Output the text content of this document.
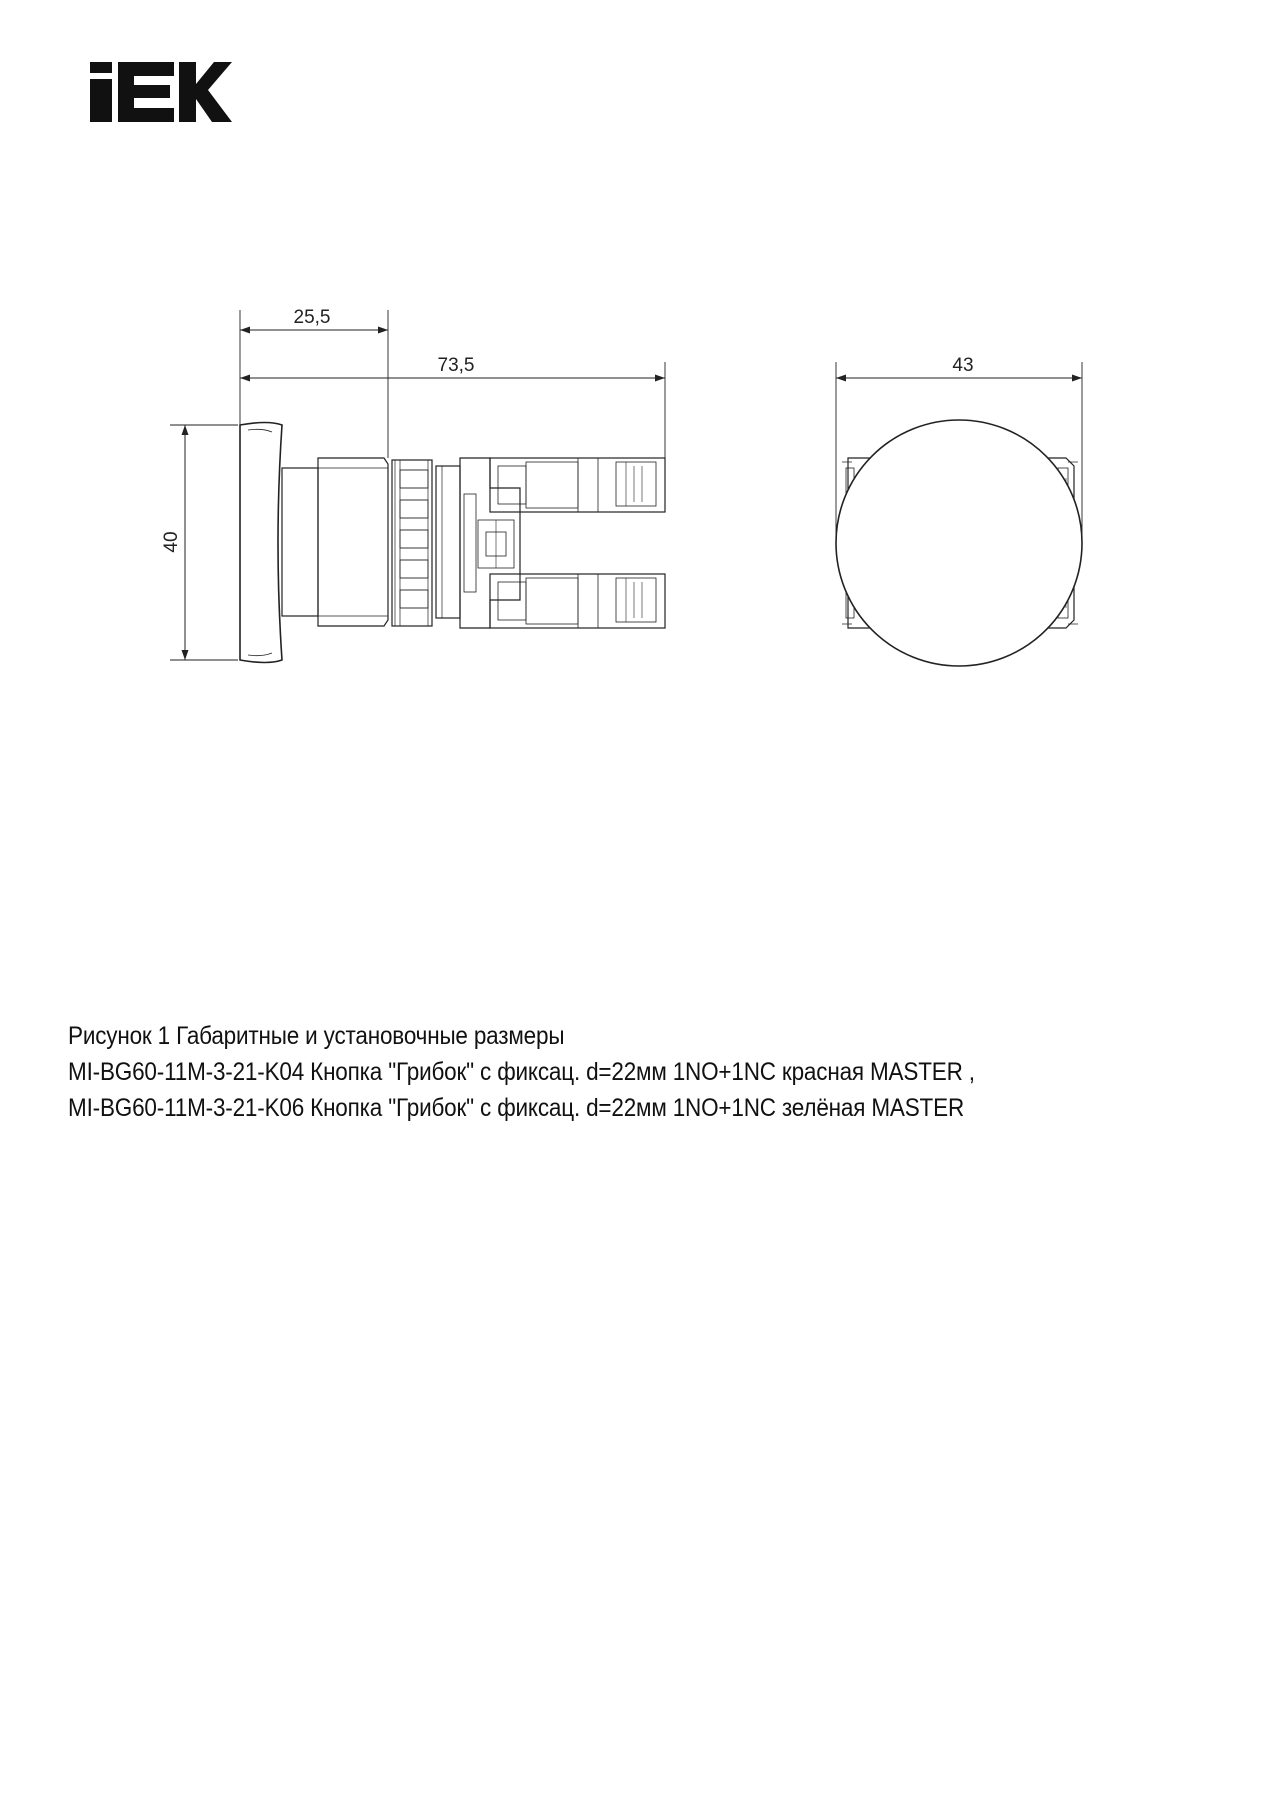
25,5
73,5
40
43
Рисунок 1 Габаритные и установочные размеры
MI-BG60-11M-3-21-K04 Кнопка "Грибок" с фиксац. d=22мм 1NO+1NC красная MASTER ,
MI-BG60-11M-3-21-K06 Кнопка "Грибок" с фиксац. d=22мм 1NO+1NC зелёная MASTER
